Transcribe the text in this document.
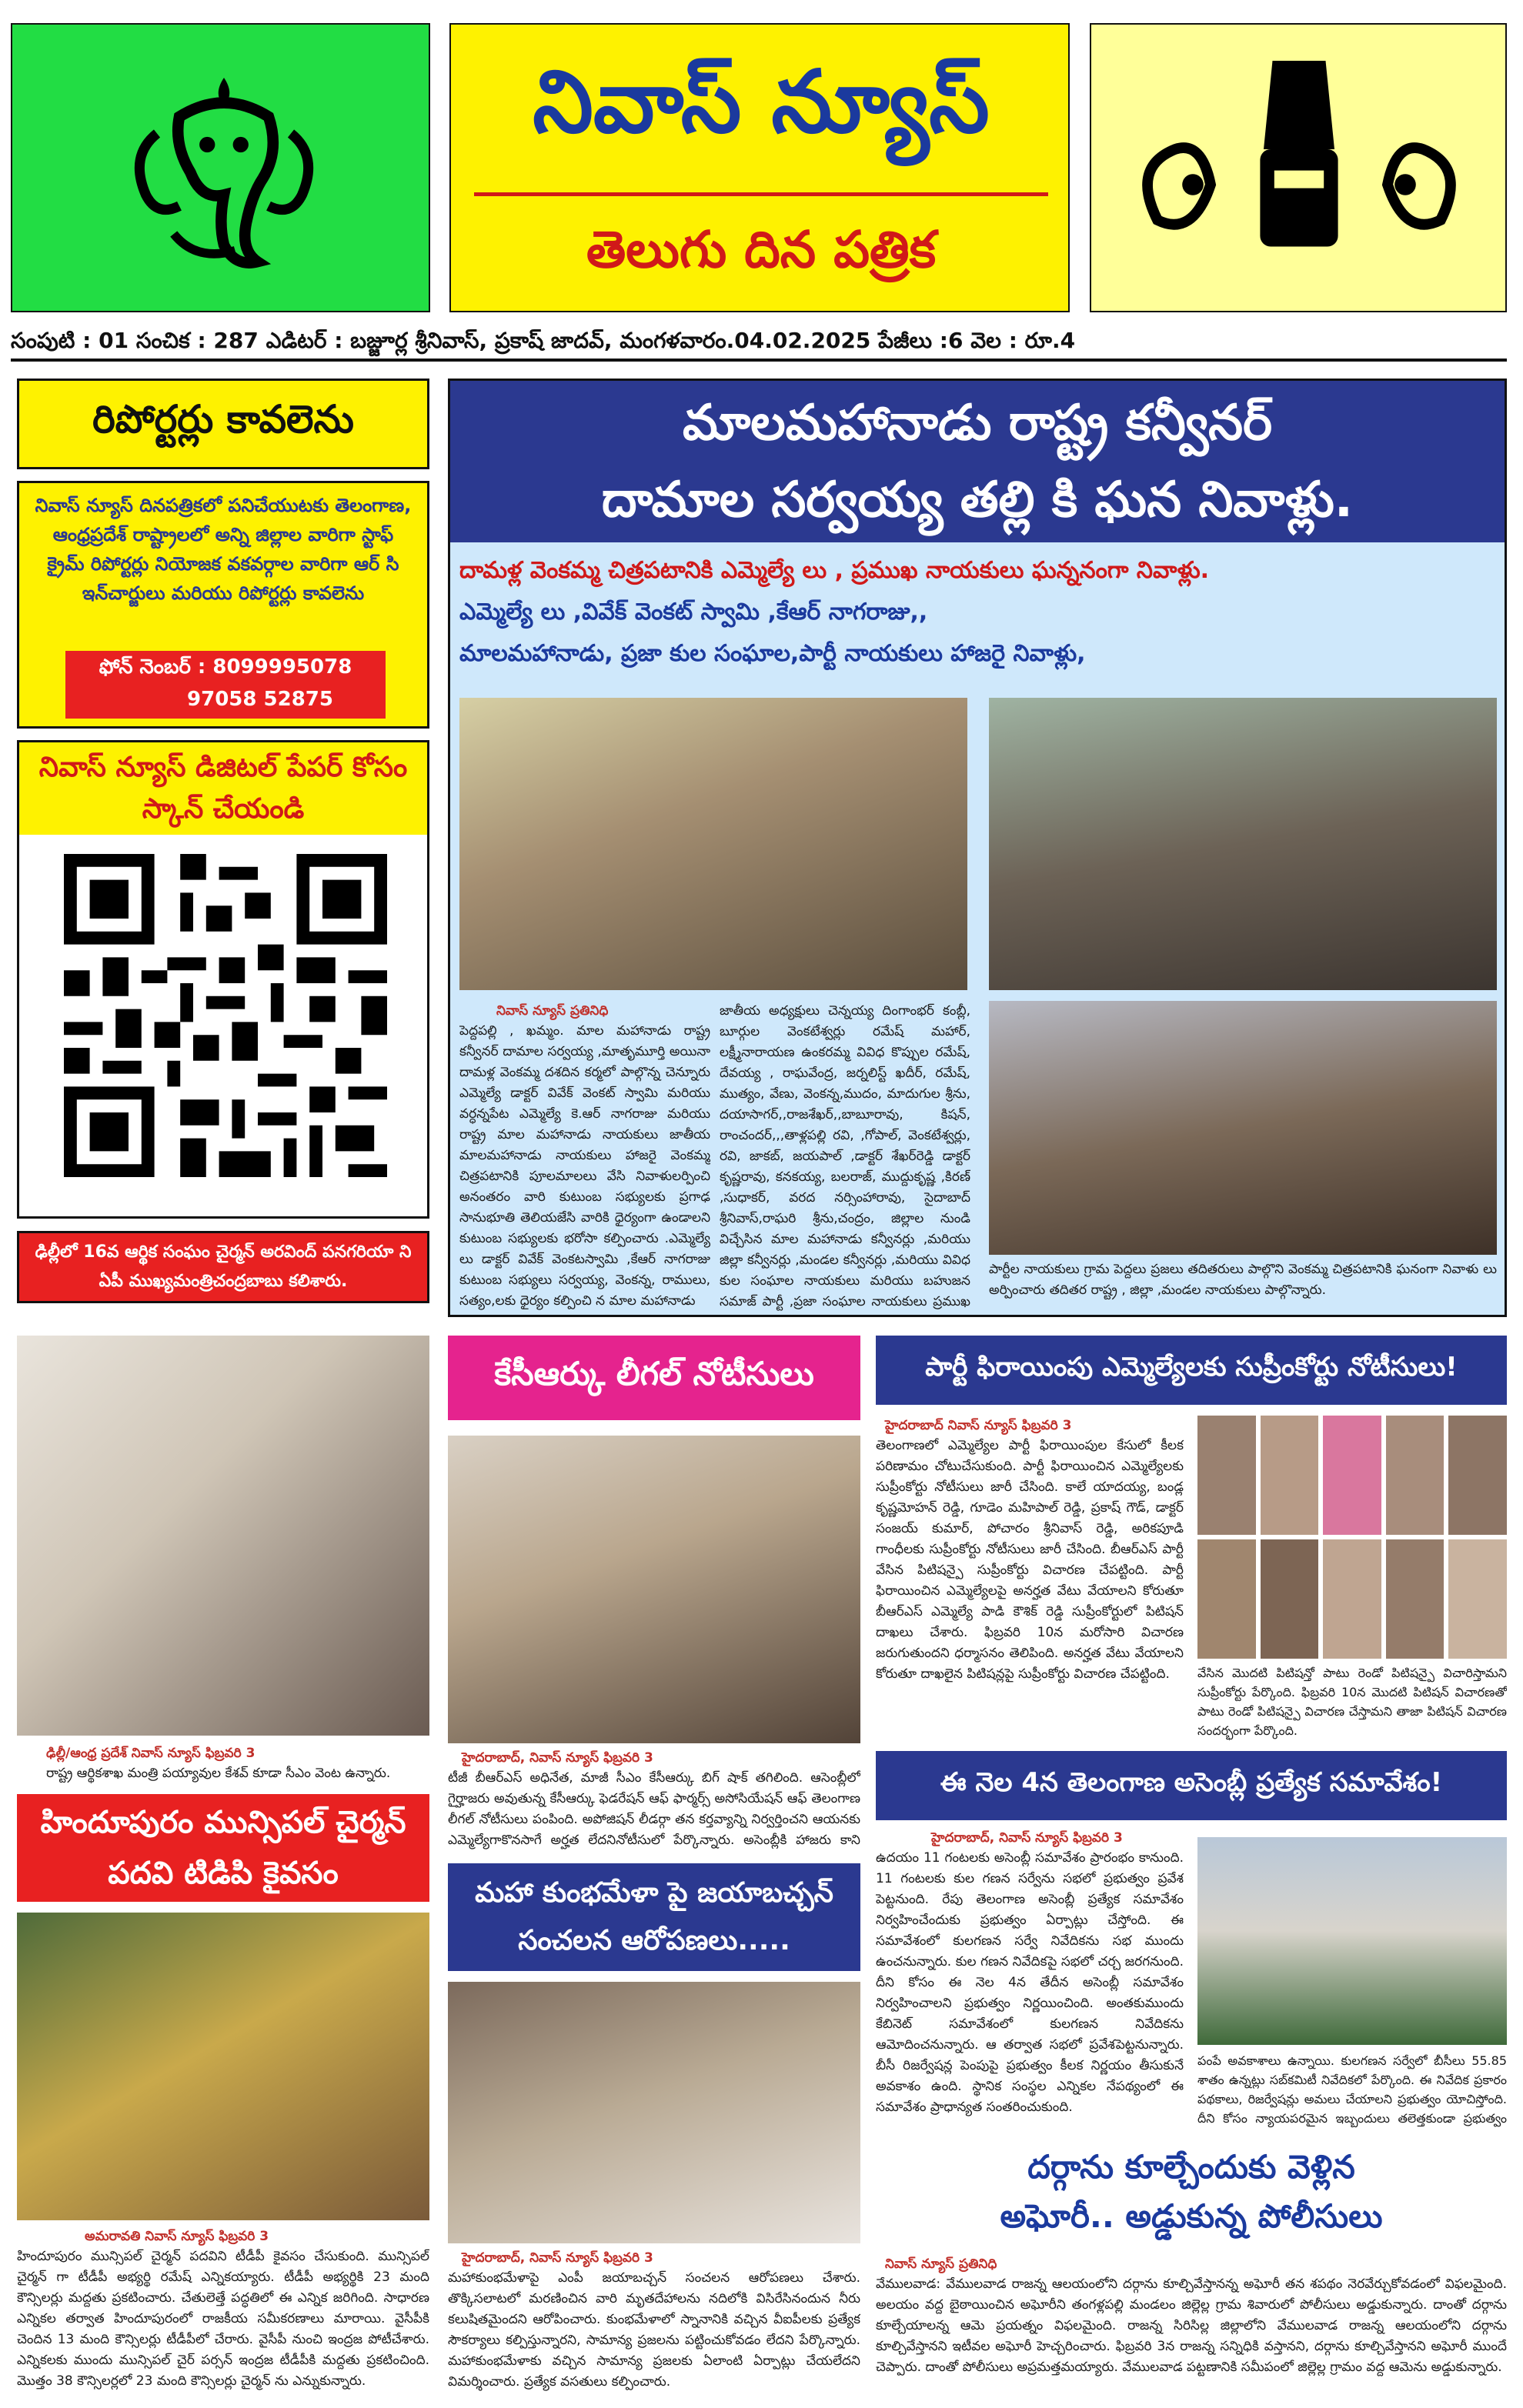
నివాస్ న్యూస్
తెలుగు దిన పత్రిక
సంపుటి : 01 సంచిక : 287 ఎడిటర్ : బజ్జూర్ల శ్రీనివాస్, ప్రకాష్ జాదవ్, మంగళవారం.04.02.2025 పేజీలు :6 వెల : రూ.4
రిపోర్టర్లు కావలెను
నివాస్ న్యూస్ దినపత్రికలో పనిచేయుటకు తెలంగాణ, ఆంధ్రప్రదేశ్ రాష్ట్రాలలో అన్ని జిల్లాల వారిగా స్టాఫ్ క్రైమ్ రిపోర్టర్లు నియోజక వకవర్గాల వారిగా ఆర్ సి ఇన్‌చార్జులు మరియు రిపోర్టర్లు కావలెను
ఫోన్ నెంబర్ : 8099995078
97058 52875
నివాస్ న్యూస్ డిజిటల్ పేపర్ కోసం స్కాన్ చేయండి
ఢిల్లీలో 16వ ఆర్థిక సంఘం చైర్మన్ అరవింద్ పనగరియా ని ఏపీ ముఖ్యమంత్రిచంద్రబాబు కలిశారు.
మాలమహానాడు రాష్ట్ర కన్వీనర్
దామాల సర్వయ్య తల్లి కి ఘన నివాళ్లు.
దామళ్ల వెంకమ్మ చిత్రపటానికి ఎమ్మెల్యే లు , ప్రముఖ నాయకులు ఘన్ననంగా నివాళ్లు.
ఎమ్మెల్యే లు ,వివేక్ వెంకట్ స్వామి ,కేఆర్ నాగరాజు,,
మాలమహానాడు, ప్రజా కుల సంఘాల,పార్టీ నాయకులు హాజరై నివాళ్లు,
నివాస్ న్యూస్ ప్రతినిధి
పెద్దపల్లి , ఖమ్మం. మాల మహానాడు రాష్ట్ర కన్వీనర్ దామాల సర్వయ్య ,మాతృమూర్తి అయినా దామళ్ల వెంకమ్మ దశదిన కర్మలో పాల్గొన్న చెన్నూరు ఎమ్మెల్యే డాక్టర్ వివేక్ వెంకట్ స్వామి మరియు వర్ధన్నపేట ఎమ్మెల్యే కె.ఆర్ నాగరాజు మరియు రాష్ట్ర మాల మహానాడు నాయకులు జాతీయ మాలమహానాడు నాయకులు హాజరై వెంకమ్మ చిత్రపటానికి పూలమాలలు వేసి నివాళులర్పించి అనంతరం వారి కుటుంబ సభ్యులకు ప్రగాఢ సానుభూతి తెలియజేసి వారికి ధైర్యంగా ఉండాలని కుటుంబ సభ్యులకు భరోసా కల్పించారు .ఎమ్మెల్యే లు డాక్టర్ వివేక్ వెంకటస్వామి ,కేఆర్ నాగరాజు కుటుంబ సభ్యులు సర్వయ్య, వెంకన్న, రాములు, సత్యం,లకు ధైర్యం కల్పించి న మాల మహానాడు
జాతీయ అధ్యక్షులు చెన్నయ్య దింగాంభర్ కంబ్లీ, బూర్గుల వెంకటేశ్వర్లు రమేష్ మహార్, లక్ష్మీనారాయణ ఉంకరమ్మ వివిధ కొప్పుల రమేష్, దేవయ్య , రాఘవేంద్ర, జర్నలిస్ట్ ఖదీర్, రమేష్, ముత్యం, వేణు, వెంకన్న,ముదం, మాదుగుల శ్రీను, దయాసాగర్,,రాజశేఖర్,,బాబూరావు, కిషన్, రాంచందర్,,,తాళ్లపల్లి రవి, ,గోపాల్, వెంకటేశ్వర్లు, రవి, జాకబ్, జయపాల్ ,డాక్టర్ శేఖర్‌రెడ్డి డాక్టర్ కృష్ణరావు, కనకయ్య, బలరాజ్, ముద్దుకృష్ణ ,కిరణ్ ,సుధాకర్, వరద నర్సింహారావు, సైదాబాద్ శ్రీనివాస్,రాఘరి శ్రీను,చంద్రం, జిల్లాల నుండి విచ్చేసిన మాల మహానాడు కన్వీనర్లు ,మరియు జిల్లా కన్వీనర్లు ,మండల కన్వీనర్లు ,మరియు వివిధ కుల సంఘాల నాయకులు మరియు బహుజన సమాజ్ పార్టీ ,ప్రజా సంఘాల నాయకులు ప్రముఖ
పార్టీల నాయకులు గ్రామ పెద్దలు ప్రజలు తదితరులు పాల్గొని వెంకమ్మ చిత్రపటానికి ఘనంగా నివాళు లు అర్పించారు తదితర రాష్ట్ర , జిల్లా ,మండల నాయకులు పాల్గొన్నారు.
ఢిల్లీ/ఆంధ్ర ప్రదేశ్ నివాస్ న్యూస్ ఫిబ్రవరి 3
రాష్ట్ర ఆర్థికశాఖ మంత్రి పయ్యావుల కేశవ్ కూడా సీఎం వెంట ఉన్నారు.
హిందూపురం మున్సిపల్ చైర్మన్ పదవి టిడిపి కైవసం
అమరావతి నివాస్ న్యూస్ ఫిబ్రవరి 3
హిందూపురం మున్సిపల్ చైర్మన్ పదవిని టీడీపీ కైవసం చేసుకుంది. మున్సిపల్ చైర్మన్ గా టీడీపీ అభ్యర్థి రమేష్ ఎన్నికయ్యారు. టీడీపీ అభ్యర్థికి 23 మంది కౌన్సిలర్లు మద్దతు ప్రకటించారు. చేతులెత్తే పద్ధతిలో ఈ ఎన్నిక జరిగింది. సాధారణ ఎన్నికల తర్వాత హిందూపురంలో రాజకీయ సమీకరణాలు మారాయి. వైసీపీకి చెందిన 13 మంది కౌన్సిలర్లు టీడీపీలో చేరారు. వైసీపీ నుంచి ఇంద్రజ పోటీచేశారు. ఎన్నికలకు ముందు మున్సిపల్ చైర్ పర్సన్ ఇంద్రజ టీడీపీకి మద్దతు ప్రకటించింది. మొత్తం 38 కౌన్సిలర్లలో 23 మంది కౌన్సిలర్లు చైర్మన్ ను ఎన్నుకున్నారు.
కేసీఆర్కు లీగల్ నోటీసులు
హైదరాబాద్, నివాస్ న్యూస్ ఫిబ్రవరి 3
టీజీ బీఆర్ఎస్ అధినేత, మాజీ సీఎం కేసీఆర్కు బిగ్ షాక్ తగిలింది. ఆసెంబ్లీలో గైర్హాజరు అవుతున్న కేసీఆర్కు ఫెడరేషన్ ఆఫ్ ఫార్మర్స్ అసోసియేషన్ ఆఫ్ తెలంగాణ లీగల్ నోటీసులు పంపింది. అపోజిషన్ లీడర్గా తన కర్తవ్యాన్ని నిర్వర్తించని ఆయనకు ఎమ్మెల్యేగాకొనసాగే అర్హత లేదనినోటీసులో పేర్కొన్నారు. అసెంబ్లీకి హాజరు కాని
మహా కుంభమేళా పై జయాబచ్చన్ సంచలన ఆరోపణలు.....
హైదరాబాద్, నివాస్ న్యూస్ ఫిబ్రవరి 3
మహాకుంభమేళాపై ఎంపీ జయాబచ్చన్ సంచలన ఆరోపణలు చేశారు. తొక్కిసలాటలో మరణించిన వారి మృతదేహాలను నదిలోకి విసిరేసినందున నీరు కలుషితమైందని ఆరోపించారు. కుంభమేళాలో స్నానానికి వచ్చిన వీఐపీలకు ప్రత్యేక సౌకర్యాలు కల్పిస్తున్నారని, సామాన్య ప్రజలను పట్టించుకోవడం లేదని పేర్కొన్నారు. మహాకుంభమేళాకు వచ్చిన సామాన్య ప్రజలకు ఏలాంటి ఏర్పాట్లు చేయలేదని విమర్శించారు. ప్రత్యేక వసతులు కల్పించారు.
పార్టీ ఫిరాయింపు ఎమ్మెల్యేలకు సుప్రీంకోర్టు నోటీసులు!
హైదరాబాద్ నివాస్ న్యూస్ ఫిబ్రవరి 3
తెలంగాణలో ఎమ్మెల్యేల పార్టీ ఫిరాయింపుల కేసులో కీలక పరిణామం చోటుచేసుకుంది. పార్టీ ఫిరాయించిన ఎమ్మెల్యేలకు సుప్రీంకోర్టు నోటీసులు జారీ చేసింది. కాలే యాదయ్య, బండ్ల కృష్ణమోహన్ రెడ్డి, గూడెం మహిపాల్ రెడ్డి, ప్రకాష్ గౌడ్, డాక్టర్ సంజయ్ కుమార్, పోచారం శ్రీనివాస్ రెడ్డి, అరికపూడి గాంధీలకు సుప్రీంకోర్టు నోటీసులు జారీ చేసింది. బీఆర్ఎస్ పార్టీ వేసిన పిటిషన్పై సుప్రీంకోర్టు విచారణ చేపట్టింది. పార్టీ ఫిరాయించిన ఎమ్మెల్యేలపై అనర్హత వేటు వేయాలని కోరుతూ బీఆర్ఎస్ ఎమ్మెల్యే పాడి కౌశిక్ రెడ్డి సుప్రీంకోర్టులో పిటిషన్ దాఖలు చేశారు. ఫిబ్రవరి 10న మరోసారి విచారణ జరుగుతుందని ధర్మాసనం తెలిపింది. అనర్హత వేటు వేయాలని కోరుతూ దాఖలైన పిటిషన్లపై సుప్రీంకోర్టు విచారణ చేపట్టింది.	వేసిన మొదటి పిటిషన్తో పాటు రెండో పిటిషన్పై విచారిస్తామని సుప్రీంకోర్టు పేర్కొంది. ఫిబ్రవరి 10న మొదటి పిటిషన్ విచారణతో పాటు రెండో పిటిషన్పై విచారణ చేస్తామని తాజా పిటిషన్ విచారణ సందర్భంగా పేర్కొంది.
ఈ నెల 4న తెలంగాణ అసెంబ్లీ ప్రత్యేక సమావేశం!
హైదరాబాద్, నివాస్ న్యూస్ ఫిబ్రవరి 3
ఉదయం 11 గంటలకు అసెంబ్లీ సమావేశం ప్రారంభం కానుంది. 11 గంటలకు కుల గణన సర్వేను సభలో ప్రభుత్వం ప్రవేశ పెట్టనుంది. రేపు తెలంగాణ అసెంబ్లీ ప్రత్యేక సమావేశం నిర్వహించేందుకు ప్రభుత్వం ఏర్పాట్లు చేస్తోంది. ఈ సమావేశంలో కులగణన సర్వే నివేదికను సభ ముందు ఉంచనున్నారు. కుల గణన నివేదికపై సభలో చర్చ జరగనుంది. దీని కోసం ఈ నెల 4న తేదీన అసెంబ్లీ సమావేశం నిర్వహించాలని ప్రభుత్వం నిర్ణయించింది. అంతకుముందు కేబినెట్ సమావేశంలో కులగణన నివేదికను ఆమోదించనున్నారు. ఆ తర్వాత సభలో ప్రవేశపెట్టనున్నారు. బీసీ రిజర్వేషన్ల పెంపుపై ప్రభుత్వం కీలక నిర్ణయం తీసుకునే అవకాశం ఉంది. స్థానిక సంస్థల ఎన్నికల నేపథ్యంలో ఈ సమావేశం ప్రాధాన్యత సంతరించుకుంది.
పంపే అవకాశాలు ఉన్నాయి. కులగణన సర్వేలో బీసీలు 55.85 శాతం ఉన్నట్లు సబ్‌కమిటీ నివేదికలో పేర్కొంది. ఈ నివేదిక ప్రకారం పథకాలు, రిజర్వేషన్లు అమలు చేయాలని ప్రభుత్వం యోచిస్తోంది. దీని కోసం న్యాయపరమైన ఇబ్బందులు తలెత్తకుండా ప్రభుత్వం
దర్గాను కూల్చేందుకు వెళ్లిన
అఘోరీ.. అడ్డుకున్న పోలీసులు
నివాస్ న్యూస్ ప్రతినిధి
వేములవాడ: వేములవాడ రాజన్న ఆలయంలోని దర్గాను కూల్చివేస్తానన్న అఘోరీ తన శపథం నెరవేర్చుకోవడంలో విఫలమైంది. అలయం వద్ద బైఠాయించిన అఘోరీని తంగళ్లపల్లి మండలం జిల్లెల్ల గ్రామ శివారులో పోలీసులు అడ్డుకున్నారు. దాంతో దర్గాను కూల్చేయాలన్న ఆమె ప్రయత్నం విఫలమైంది. రాజన్న సిరిసిల్ల జిల్లాలోని వేములవాడ రాజన్న ఆలయంలోని దర్గాను కూల్చివేస్తానని ఇటీవల అఘోరీ హెచ్చరించారు. ఫిబ్రవరి 3న రాజన్న సన్నిధికి వస్తానని, దర్గాను కూల్చివేస్తానని అఘోరీ ముందే చెప్పారు. దాంతో పోలీసులు అప్రమత్తమయ్యారు. వేములవాడ పట్టణానికి సమీపంలో జిల్లెల్ల గ్రామం వద్ద ఆమెను అడ్డుకున్నారు.
